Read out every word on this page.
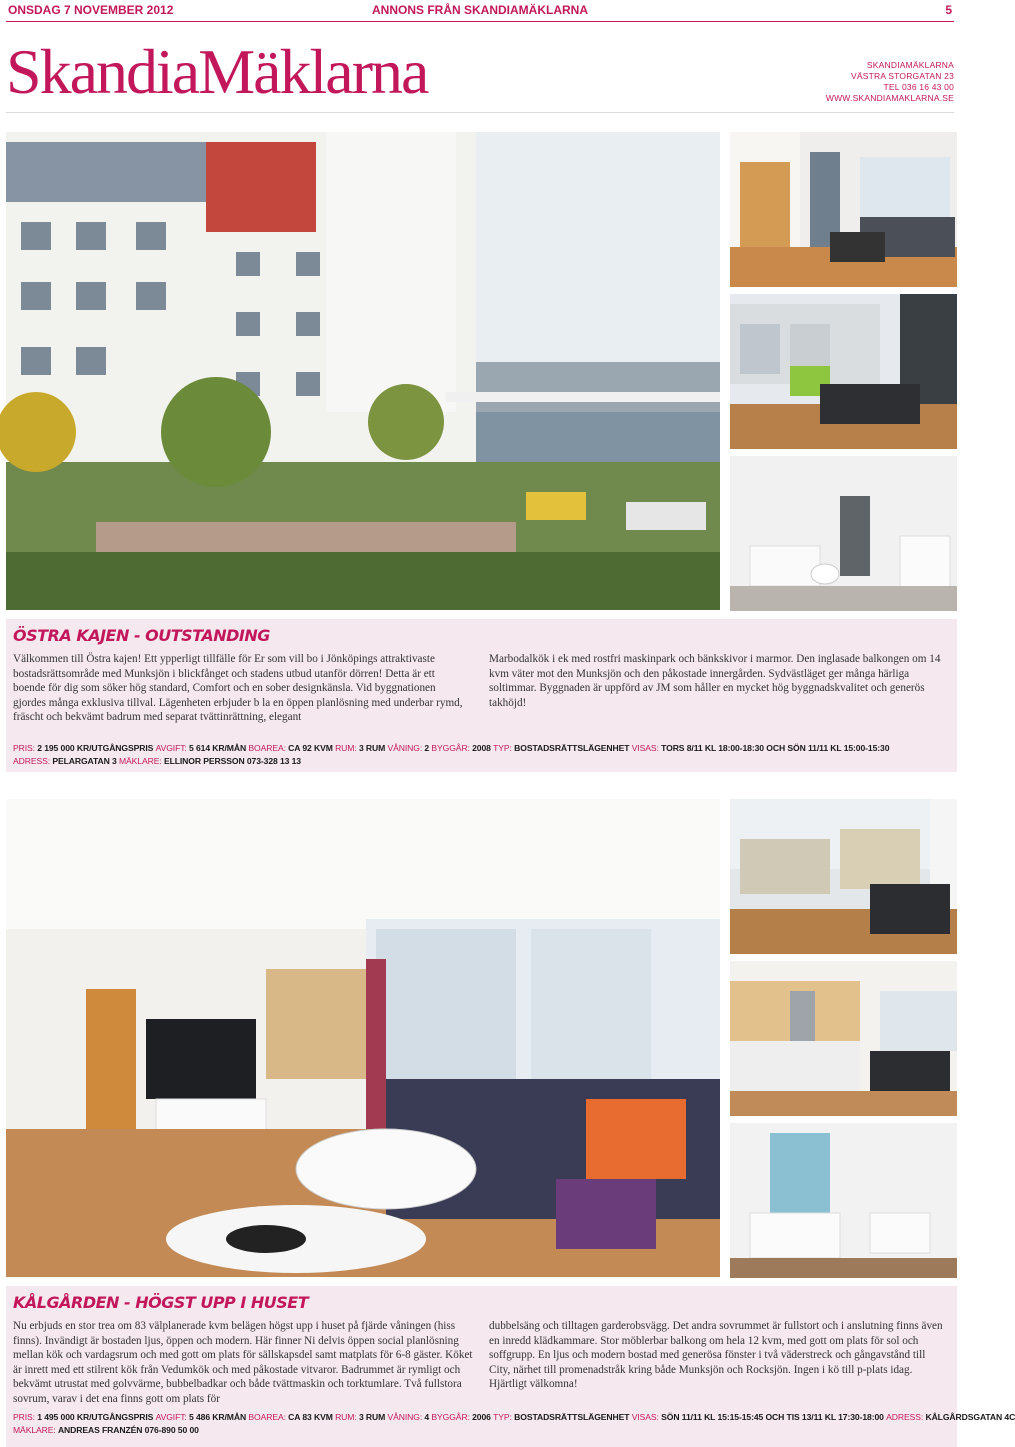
ONSDAG 7 NOVEMBER 2012	ANNONS FRÅN SKANDIAMÄKLARNA	5
SkandiaMäklarna	SKANDIAMÄKLARNA
VÄSTRA STORGATAN 23
TEL 036 16 43 00
WWW.SKANDIAMAKLARNA.SE
ÖSTRA KAJEN - OUTSTANDING

Välkommen till Östra kajen! Ett ypperligt tillfälle för Er som vill bo i Jönköpings attraktivaste bostadsrättsområde med Munksjön i blickfånget och stadens utbud utanför dörren! Detta är ett boende för dig som söker hög standard, Comfort och en sober designkänsla. Vid byggnationen gjordes många exklusiva tillval. Lägenheten erbjuder b la en öppen planlösning med underbar rymd, fräscht och bekvämt badrum med separat tvättinrättning, elegant

Marbodalkök i ek med rostfri maskinpark och bänkskivor i marmor. Den inglasade balkongen om 14 kvm väter mot den Munksjön och den påkostade innergården. Sydvästläget ger många härliga soltimmar. Byggnaden är uppförd av JM som håller en mycket hög byggnadskvalitet och generös takhöjd!

PRIS: 2 195 000 KR/UTGÅNGSPRIS AVGIFT: 5 614 KR/MÅN BOAREA: CA 92 KVM RUM: 3 RUM VÅNING: 2 BYGGÅR: 2008 TYP: BOSTADSRÄTTSLÄGENHET VISAS: TORS 8/11 KL 18:00-18:30 OCH SÖN 11/11 KL 15:00-15:30
ADRESS: PELARGATAN 3 MÄKLARE: ELLINOR PERSSON 073-328 13 13
KÅLGÅRDEN - HÖGST UPP I HUSET

Nu erbjuds en stor trea om 83 välplanerade kvm belägen högst upp i huset på fjärde våningen (hiss finns). Invändigt är bostaden ljus, öppen och modern. Här finner Ni delvis öppen social planlösning mellan kök och vardagsrum och med gott om plats för sällskapsdel samt matplats för 6-8 gäster. Köket är inrett med ett stilrent kök från Vedumkök och med påkostade vitvaror. Badrummet är rymligt och bekvämt utrustat med golvvärme, bubbelbadkar och både tvättmaskin och torktumlare. Två fullstora sovrum, varav i det ena finns gott om plats för

dubbelsäng och tilltagen garderobsvägg. Det andra sovrummet är fullstort och i anslutning finns även en inredd klädkammare. Stor möblerbar balkong om hela 12 kvm, med gott om plats för sol och soffgrupp. En ljus och modern bostad med generösa fönster i två väderstreck och gångavstånd till City, närhet till promenadstråk kring både Munksjön och Rocksjön. Ingen i kö till p-plats idag. Hjärtligt välkomna!

PRIS: 1 495 000 KR/UTGÅNGSPRIS AVGIFT: 5 486 KR/MÅN BOAREA: CA 83 KVM RUM: 3 RUM VÅNING: 4 BYGGÅR: 2006 TYP: BOSTADSRÄTTSLÄGENHET VISAS: SÖN 11/11 KL 15:15-15:45 OCH TIS 13/11 KL 17:30-18:00 ADRESS: KÅLGÅRDSGATAN 4C
MÄKLARE: ANDREAS FRANZÉN 076-890 50 00
